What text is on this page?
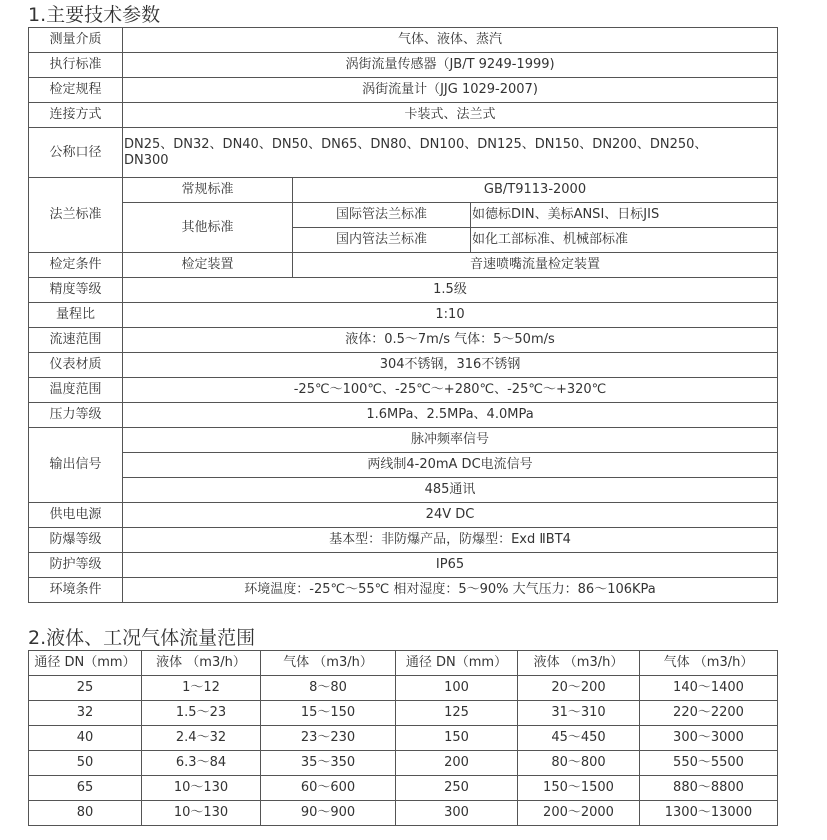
1.主要技术参数
测量介质	气体、液体、蒸汽		
执行标准	涡街流量传感器（JB/T 9249-1999)		
检定规程	涡街流量计（JJG 1029-2007)		
连接方式	卡装式、法兰式		
公称口径	DN25、DN32、DN40、DN50、DN65、DN80、DN100、DN125、DN150、DN200、DN250、
DN300		

法兰标准	常规标准	GB/T9113-2000	
	其他标准	国际管法兰标准	如德标DIN、美标ANSI、日标JIS
		国内管法兰标准	如化工部标准、机械部标准
检定条件	检定装置	音速喷嘴流量检定装置	
精度等级	1.5级		
量程比	1:10		
流速范围	液体：0.5～7m/s 气体：5～50m/s		
仪表材质	304不锈钢，316不锈钢		
温度范围	-25℃～100℃、-25℃～+280℃、-25℃～+320℃		
压力等级	1.6MPa、2.5MPa、4.0MPa		
输出信号	脉冲频率信号		
	两线制4-20mA DC电流信号		
	485通讯		
供电电源	24V DC		
防爆等级	基本型：非防爆产品，防爆型：Exd ⅡBT4		
防护等级	IP65		
环境条件	环境温度：-25℃～55℃ 相对湿度：5～90% 大气压力：86～106KPa		
2.液体、工况气体流量范围
通径 DN（mm）	液体 （m3/h）	气体 （m3/h）	通径 DN（mm）	液体 （m3/h）	气体 （m3/h）
25	1～12	8～80	100	20～200	140～1400
32	1.5～23	15～150	125	31～310	220～2200
40	2.4～32	23～230	150	45～450	300～3000
50	6.3～84	35～350	200	80～800	550～5500
65	10～130	60～600	250	150～1500	880～8800
80	10～130	90～900	300	200～2000	1300～13000
